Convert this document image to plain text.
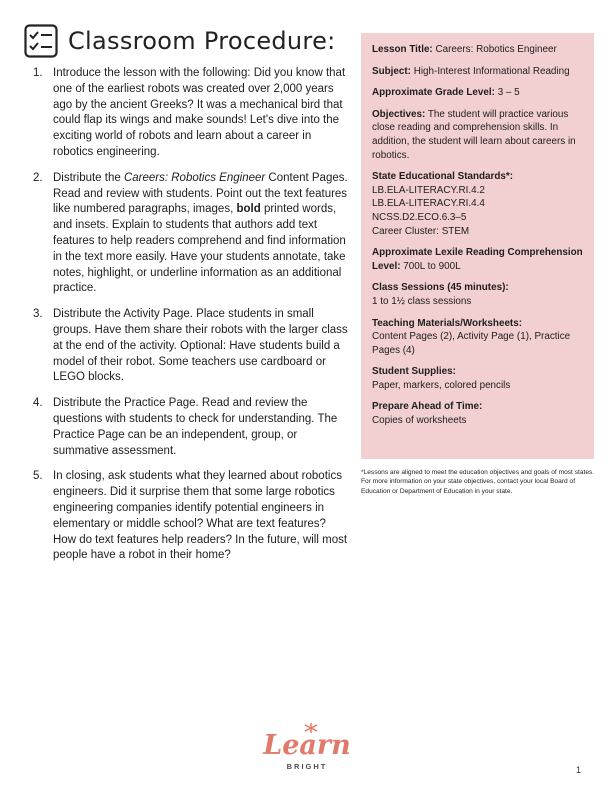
Classroom Procedure:
1. Introduce the lesson with the following: Did you know that one of the earliest robots was created over 2,000 years ago by the ancient Greeks? It was a mechanical bird that could flap its wings and make sounds! Let's dive into the exciting world of robots and learn about a career in robotics engineering.
2. Distribute the Careers: Robotics Engineer Content Pages. Read and review with students. Point out the text features like numbered paragraphs, images, bold printed words, and insets. Explain to students that authors add text features to help readers comprehend and find information in the text more easily. Have your students annotate, take notes, highlight, or underline information as an additional practice.
3. Distribute the Activity Page. Place students in small groups. Have them share their robots with the larger class at the end of the activity. Optional: Have students build a model of their robot. Some teachers use cardboard or LEGO blocks.
4. Distribute the Practice Page. Read and review the questions with students to check for understanding. The Practice Page can be an independent, group, or summative assessment.
5. In closing, ask students what they learned about robotics engineers. Did it surprise them that some large robotics engineering companies identify potential engineers in elementary or middle school? What are text features? How do text features help readers? In the future, will most people have a robot in their home?
Lesson Title: Careers: Robotics Engineer
Subject: High-Interest Informational Reading
Approximate Grade Level: 3 – 5
Objectives: The student will practice various close reading and comprehension skills. In addition, the student will learn about careers in robotics.
State Educational Standards*:
LB.ELA-LITERACY.RI.4.2
LB.ELA-LITERACY.RI.4.4
NCSS.D2.ECO.6.3–5
Career Cluster: STEM
Approximate Lexile Reading Comprehension Level: 700L to 900L
Class Sessions (45 minutes):
1 to 1½ class sessions
Teaching Materials/Worksheets:
Content Pages (2), Activity Page (1), Practice Pages (4)
Student Supplies:
Paper, markers, colored pencils
Prepare Ahead of Time:
Copies of worksheets
*Lessons are aligned to meet the education objectives and goals of most states. For more information on your state objectives, contact your local Board of Education or Department of Education in your state.
Learn
BRIGHT	1
